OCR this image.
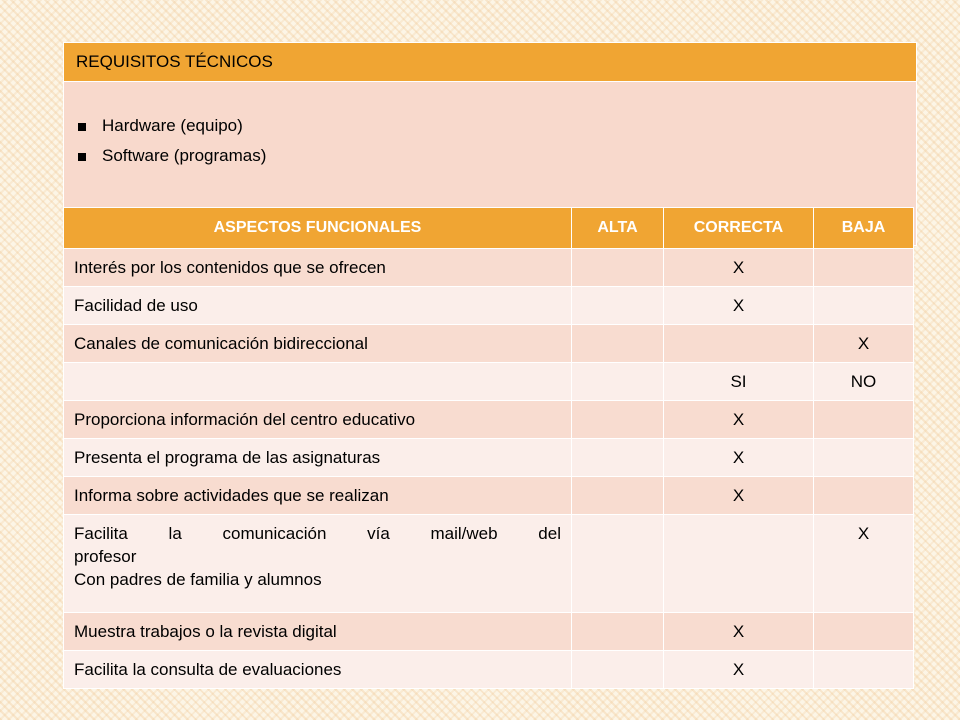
REQUISITOS TÉCNICOS

Hardware (equipo)
Software (programas)
ASPECTOS FUNCIONALES	ALTA	CORRECTA	BAJA
Interés por los contenidos que se ofrecen		X	
Facilidad de uso		X	
Canales de comunicación bidireccional			X
		SI	NO
Proporciona información del centro educativo		X	
Presenta el programa de las asignaturas		X	
Informa sobre actividades que se realizan		X	

Facilita la comunicación vía mail/web del
profesor
Con padres de familia y alumnos			X
Muestra trabajos o la revista digital		X	
Facilita la consulta de evaluaciones		X	
